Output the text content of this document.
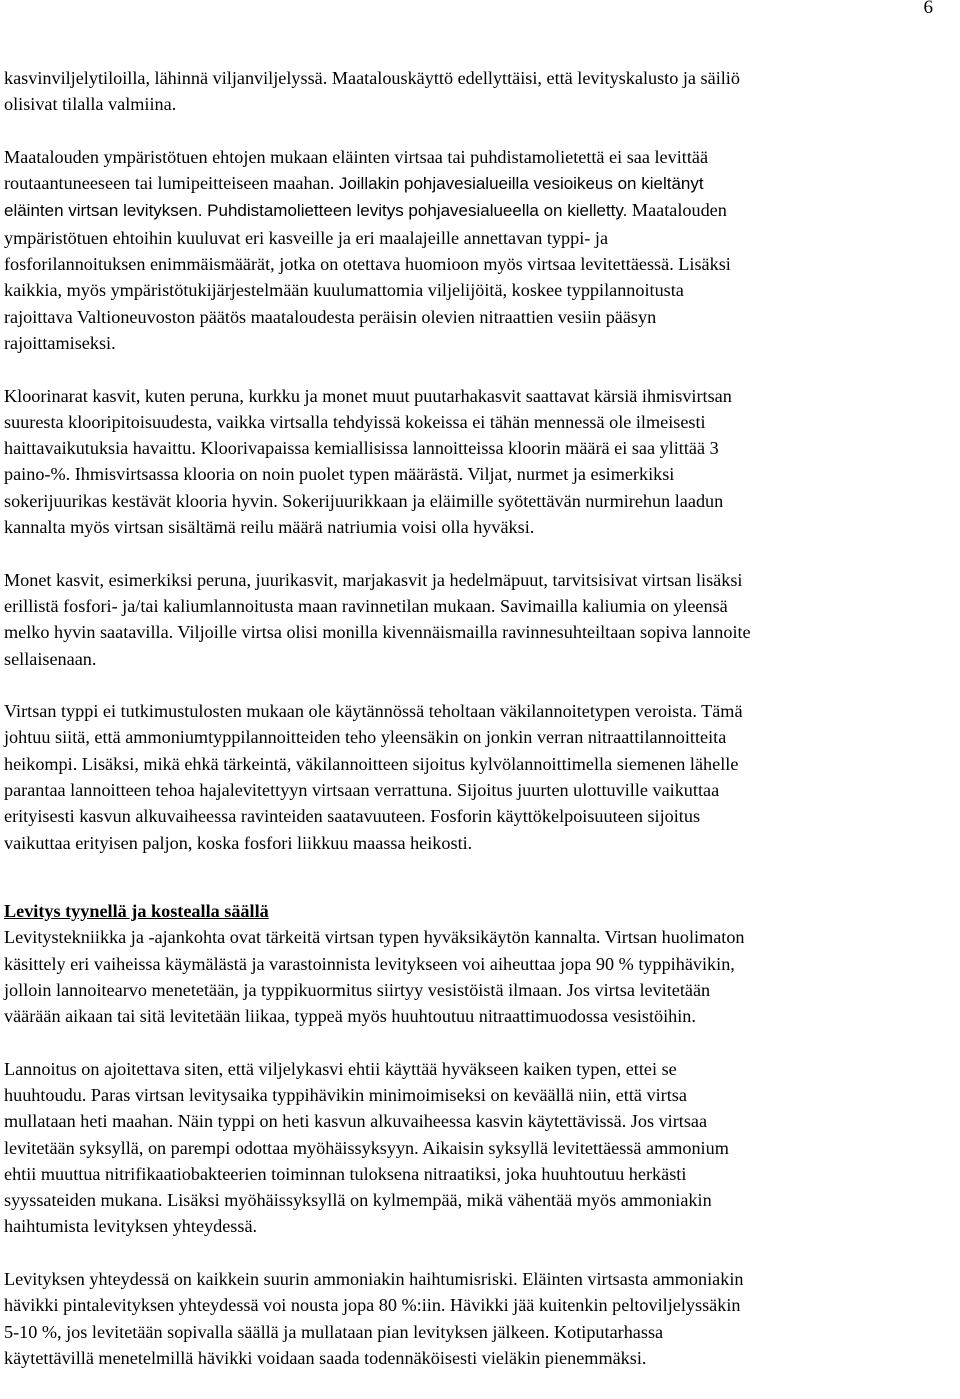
6
kasvinviljelytiloilla, lähinnä viljanviljelyssä. Maatalouskäyttö edellyttäisi, että levityskalusto ja säiliö
olisivat tilalla valmiina.
Maatalouden ympäristötuen ehtojen mukaan eläinten virtsaa tai puhdistamolietettä ei saa levittää
routaantuneeseen tai lumipeitteiseen maahan. Joillakin pohjavesialueilla vesioikeus on kieltänyt
eläinten virtsan levityksen. Puhdistamolietteen levitys pohjavesialueella on kielletty. Maatalouden
ympäristötuen ehtoihin kuuluvat eri kasveille ja eri maalajeille annettavan typpi- ja
fosforilannoituksen enimmäismäärät, jotka on otettava huomioon myös virtsaa levitettäessä. Lisäksi
kaikkia, myös ympäristötukijärjestelmään kuulumattomia viljelijöitä, koskee typpilannoitusta
rajoittava Valtioneuvoston päätös maataloudesta peräisin olevien nitraattien vesiin pääsyn
rajoittamiseksi.
Kloorinarat kasvit, kuten peruna, kurkku ja monet muut puutarhakasvit saattavat kärsiä ihmisvirtsan
suuresta klooripitoisuudesta, vaikka virtsalla tehdyissä kokeissa ei tähän mennessä ole ilmeisesti
haittavaikutuksia havaittu. Kloorivapaissa kemiallisissa lannoitteissa kloorin määrä ei saa ylittää 3
paino-%. Ihmisvirtsassa klooria on noin puolet typen määrästä. Viljat, nurmet ja esimerkiksi
sokerijuurikas kestävät klooria hyvin. Sokerijuurikkaan ja eläimille syötettävän nurmirehun laadun
kannalta myös virtsan sisältämä reilu määrä natriumia voisi olla hyväksi.
Monet kasvit, esimerkiksi peruna, juurikasvit, marjakasvit ja hedelmäpuut, tarvitsisivat virtsan lisäksi
erillistä fosfori- ja/tai kaliumlannoitusta maan ravinnetilan mukaan. Savimailla kaliumia on yleensä
melko hyvin saatavilla. Viljoille virtsa olisi monilla kivennäismailla ravinnesuhteiltaan sopiva lannoite
sellaisenaan.
Virtsan typpi ei tutkimustulosten mukaan ole käytännössä teholtaan väkilannoitetypen veroista. Tämä
johtuu siitä, että ammoniumtyppilannoitteiden teho yleensäkin on jonkin verran nitraattilannoitteita
heikompi. Lisäksi, mikä ehkä tärkeintä, väkilannoitteen sijoitus kylvölannoittimella siemenen lähelle
parantaa lannoitteen tehoa hajalevitettyyn virtsaan verrattuna. Sijoitus juurten ulottuville vaikuttaa
erityisesti kasvun alkuvaiheessa ravinteiden saatavuuteen. Fosforin käyttökelpoisuuteen sijoitus
vaikuttaa erityisen paljon, koska fosfori liikkuu maassa heikosti.
Levitys tyynellä ja kostealla säällä
Levitystekniikka ja -ajankohta ovat tärkeitä virtsan typen hyväksikäytön kannalta. Virtsan huolimaton
käsittely eri vaiheissa käymälästä ja varastoinnista levitykseen voi aiheuttaa jopa 90 % typpihävikin,
jolloin lannoitearvo menetetään, ja typpikuormitus siirtyy vesistöistä ilmaan. Jos virtsa levitetään
väärään aikaan tai sitä levitetään liikaa, typpeä myös huuhtoutuu nitraattimuodossa vesistöihin.
Lannoitus on ajoitettava siten, että viljelykasvi ehtii käyttää hyväkseen kaiken typen, ettei se
huuhtoudu. Paras virtsan levitysaika typpihävikin minimoimiseksi on keväällä niin, että virtsa
mullataan heti maahan. Näin typpi on heti kasvun alkuvaiheessa kasvin käytettävissä. Jos virtsaa
levitetään syksyllä, on parempi odottaa myöhäissyksyyn. Aikaisin syksyllä levitettäessä ammonium
ehtii muuttua nitrifikaatiobakteerien toiminnan tuloksena nitraatiksi, joka huuhtoutuu herkästi
syyssateiden mukana. Lisäksi myöhäissyksyllä on kylmempää, mikä vähentää myös ammoniakin
haihtumista levityksen yhteydessä.
Levityksen yhteydessä on kaikkein suurin ammoniakin haihtumisriski. Eläinten virtsasta ammoniakin
hävikki pintalevityksen yhteydessä voi nousta jopa 80 %:iin. Hävikki jää kuitenkin peltoviljelyssäkin
5-10 %, jos levitetään sopivalla säällä ja mullataan pian levityksen jälkeen. Kotiputarhassa
käytettävillä menetelmillä hävikki voidaan saada todennäköisesti vieläkin pienemmäksi.
